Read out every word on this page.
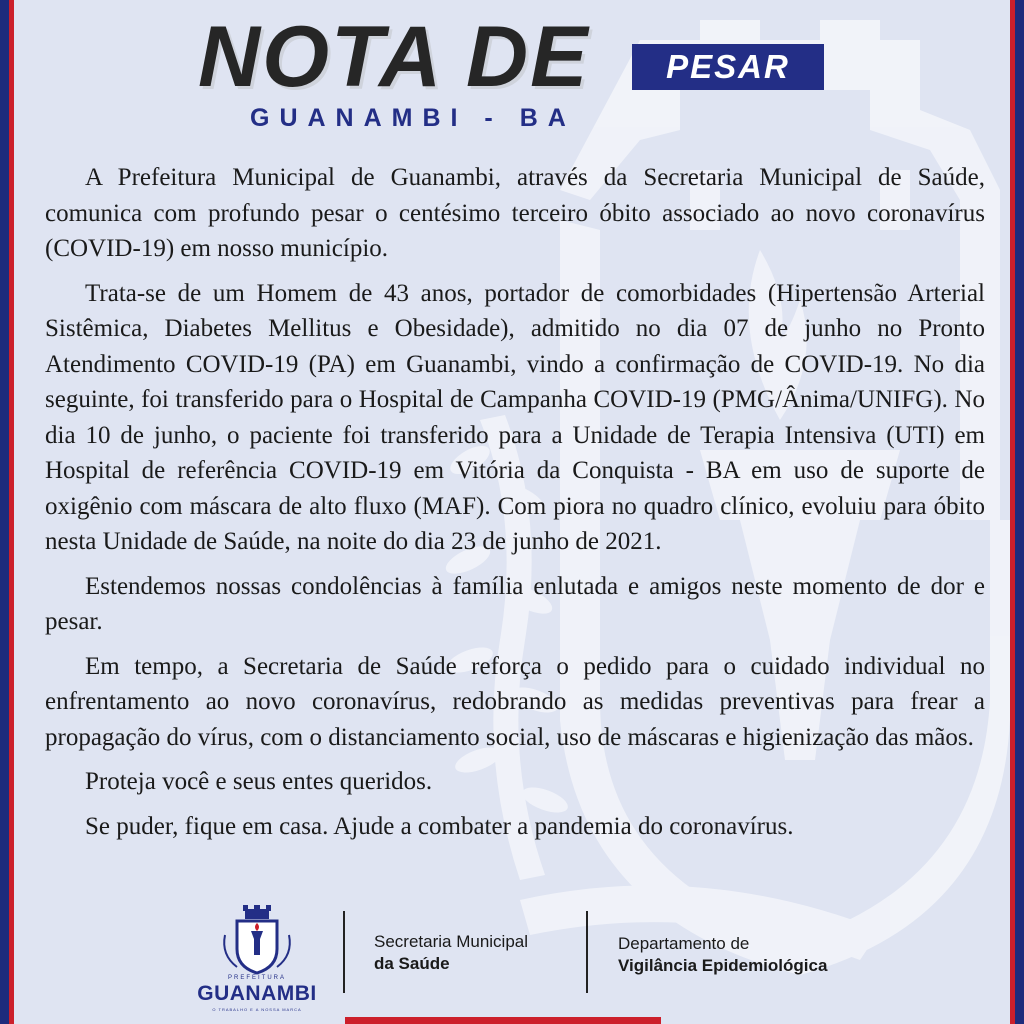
NOTA DE	PESAR
GUANAMBI - BA

A Prefeitura Municipal de Guanambi, através da Secretaria Municipal de Saúde, comunica com profundo pesar o centésimo terceiro óbito associado ao novo coronavírus (COVID-19) em nosso município.

Trata-se de um Homem de 43 anos, portador de comorbidades (Hipertensão Arterial Sistêmica, Diabetes Mellitus e Obesidade), admitido no dia 07 de junho no Pronto Atendimento COVID-19 (PA) em Guanambi, vindo a confirmação de COVID-19. No dia seguinte, foi transferido para o Hospital de Campanha COVID-19 (PMG/Ânima/UNIFG). No dia 10 de junho, o paciente foi transferido para a Unidade de Terapia Intensiva (UTI) em Hospital de referência COVID-19 em Vitória da Conquista - BA em uso de suporte de oxigênio com máscara de alto fluxo (MAF). Com piora no quadro clínico, evoluiu para óbito nesta Unidade de Saúde, na noite do dia 23 de junho de 2021.

Estendemos nossas condolências à família enlutada e amigos neste momento de dor e pesar.

Em tempo, a Secretaria de Saúde reforça o pedido para o cuidado individual no enfrentamento ao novo coronavírus, redobrando as medidas preventivas para frear a propagação do vírus, com o distanciamento social, uso de máscaras e higienização das mãos.

Proteja você e seus entes queridos.

Se puder, fique em casa. Ajude a combater a pandemia do coronavírus.

PREFEITURA
GUANAMBI
O TRABALHO E A NOSSA MARCA
Secretaria Municipal
da Saúde
Departamento de
Vigilância Epidemiológica
